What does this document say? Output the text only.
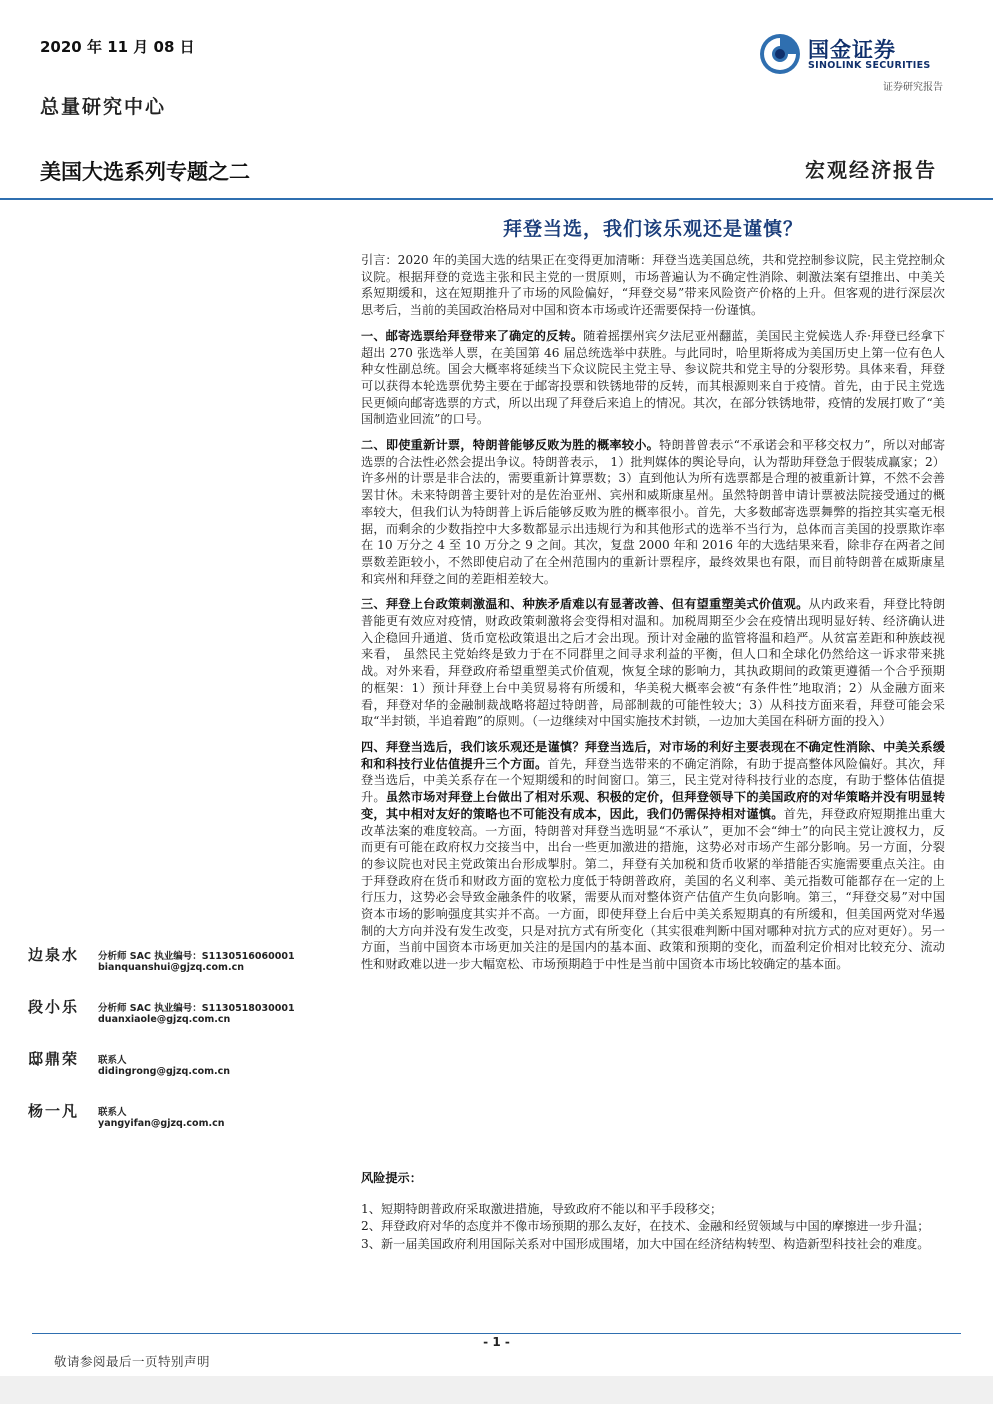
2020 年 11 月 08 日
总量研究中心
美国大选系列专题之二
国金证券
SINOLINK SECURITIES
证券研究报告
宏观经济报告
拜登当选，我们该乐观还是谨慎？

引言：2020 年的美国大选的结果正在变得更加清晰：拜登当选美国总统，共和党控制参议院，民主党控制众议院。根据拜登的竞选主张和民主党的一贯原则，市场普遍认为不确定性消除、刺激法案有望推出、中美关系短期缓和，这在短期推升了市场的风险偏好，“拜登交易”带来风险资产价格的上升。但客观的进行深层次思考后，当前的美国政治格局对中国和资本市场或许还需要保持一份谨慎。

一、邮寄选票给拜登带来了确定的反转。随着摇摆州宾夕法尼亚州翻蓝，美国民主党候选人乔·拜登已经拿下超出 270 张选举人票，在美国第 46 届总统选举中获胜。与此同时，哈里斯将成为美国历史上第一位有色人种女性副总统。国会大概率将延续当下众议院民主党主导、参议院共和党主导的分裂形势。具体来看，拜登可以获得本轮选票优势主要在于邮寄投票和铁锈地带的反转，而其根源则来自于疫情。首先，由于民主党选民更倾向邮寄选票的方式，所以出现了拜登后来追上的情况。其次，在部分铁锈地带，疫情的发展打败了“美国制造业回流”的口号。

二、即使重新计票，特朗普能够反败为胜的概率较小。特朗普曾表示“不承诺会和平移交权力”，所以对邮寄选票的合法性必然会提出争议。特朗普表示， 1）批判媒体的舆论导向，认为帮助拜登急于假装成赢家；2）许多州的计票是非合法的，需要重新计算票数；3）直到他认为所有选票都是合理的被重新计算，不然不会善罢甘休。未来特朗普主要针对的是佐治亚州、宾州和威斯康星州。虽然特朗普申请计票被法院接受通过的概率较大，但我们认为特朗普上诉后能够反败为胜的概率很小。首先，大多数邮寄选票舞弊的指控其实毫无根据，而剩余的少数指控中大多数都显示出违规行为和其他形式的选举不当行为，总体而言美国的投票欺诈率在 10 万分之 4 至 10 万分之 9 之间。其次，复盘 2000 年和 2016 年的大选结果来看，除非存在两者之间票数差距较小，不然即使启动了在全州范围内的重新计票程序，最终效果也有限，而目前特朗普在威斯康星和宾州和拜登之间的差距相差较大。

三、拜登上台政策刺激温和、种族矛盾难以有显著改善、但有望重塑美式价值观。从内政来看，拜登比特朗普能更有效应对疫情，财政政策刺激将会变得相对温和。加税周期至少会在疫情出现明显好转、经济确认进入企稳回升通道、货币宽松政策退出之后才会出现。预计对金融的监管将温和趋严。从贫富差距和种族歧视来看， 虽然民主党始终是致力于在不同群里之间寻求利益的平衡，但人口和全球化仍然给这一诉求带来挑战。对外来看，拜登政府希望重塑美式价值观，恢复全球的影响力，其执政期间的政策更遵循一个合乎预期的框架：1）预计拜登上台中美贸易将有所缓和，华美税大概率会被“有条件性”地取消；2）从金融方面来看，拜登对华的金融制裁战略将超过特朗普，局部制裁的可能性较大；3）从科技方面来看，拜登可能会采取“半封锁，半追着跑”的原则。（一边继续对中国实施技术封锁，一边加大美国在科研方面的投入）

四、拜登当选后，我们该乐观还是谨慎？拜登当选后，对市场的利好主要表现在不确定性消除、中美关系缓和和科技行业估值提升三个方面。首先，拜登当选带来的不确定消除，有助于提高整体风险偏好。其次，拜登当选后，中美关系存在一个短期缓和的时间窗口。第三，民主党对待科技行业的态度，有助于整体估值提升。虽然市场对拜登上台做出了相对乐观、积极的定价，但拜登领导下的美国政府的对华策略并没有明显转变，其中相对友好的策略也不可能没有成本，因此，我们仍需保持相对谨慎。首先，拜登政府短期推出重大改革法案的难度较高。一方面，特朗普对拜登当选明显“不承认”，更加不会“绅士”的向民主党让渡权力，反而更有可能在政府权力交接当中，出台一些更加激进的措施，这势必对市场产生部分影响。另一方面，分裂的参议院也对民主党政策出台形成掣肘。第二，拜登有关加税和货币收紧的举措能否实施需要重点关注。由于拜登政府在货币和财政方面的宽松力度低于特朗普政府，美国的名义利率、美元指数可能都存在一定的上行压力，这势必会导致金融条件的收紧，需要从而对整体资产估值产生负向影响。第三，“拜登交易”对中国资本市场的影响强度其实并不高。一方面，即使拜登上台后中美关系短期真的有所缓和，但美国两党对华遏制的大方向并没有发生改变，只是对抗方式有所变化（其实很难判断中国对哪种对抗方式的应对更好）。另一方面，当前中国资本市场更加关注的是国内的基本面、政策和预期的变化，而盈利定价相对比较充分、流动性和财政难以进一步大幅宽松、市场预期趋于中性是当前中国资本市场比较确定的基本面。

风险提示：
1、短期特朗普政府采取激进措施，导致政府不能以和平手段移交；
2、拜登政府对华的态度并不像市场预期的那么友好，在技术、金融和经贸领域与中国的摩擦进一步升温；
3、新一届美国政府利用国际关系对中国形成围堵，加大中国在经济结构转型、构造新型科技社会的难度。
边泉水 分析师 SAC 执业编号：S1130516060001
bianquanshui@gjzq.com.cn
段小乐 分析师 SAC 执业编号：S1130518030001
duanxiaole@gjzq.com.cn
邸鼎荣 联系人
didingrong@gjzq.com.cn
杨一凡 联系人
yangyifan@gjzq.com.cn
- 1 -
敬请参阅最后一页特别声明
